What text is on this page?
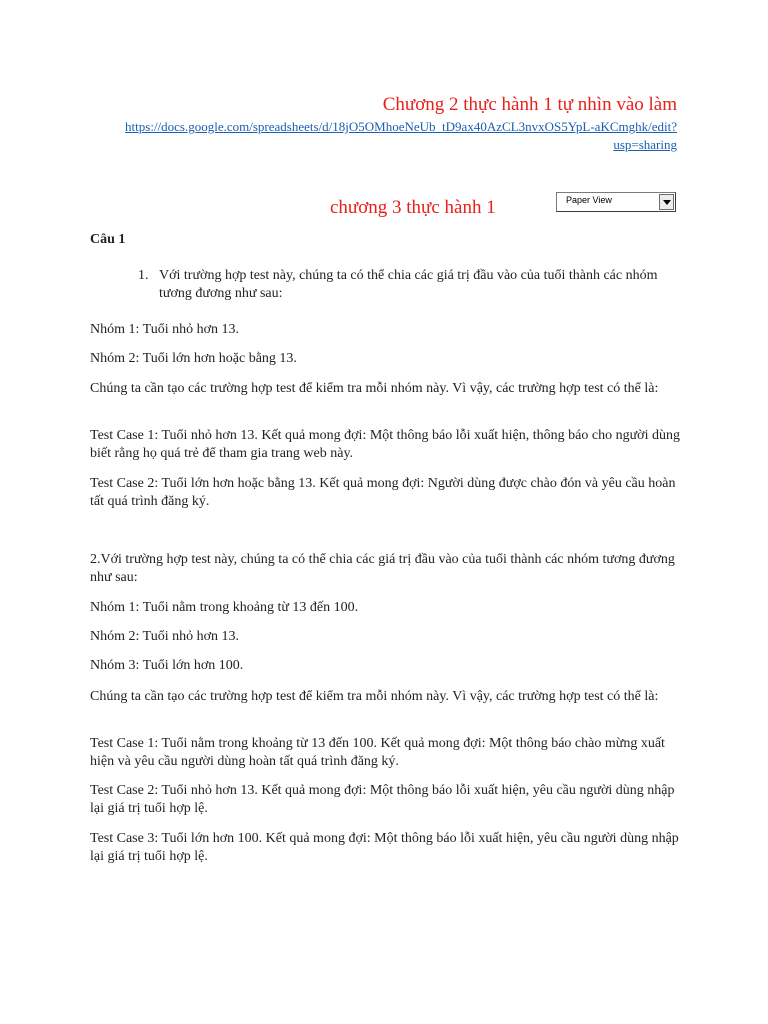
Chương 2 thực hành 1 tự nhìn vào làm
https://docs.google.com/spreadsheets/d/18jO5OMhoeNeUb_tD9ax40AzCL3nvxOS5YpL-aKCmghk/edit?
usp=sharing
chương 3 thực hành 1	Paper View
Câu 1
1. Với trường hợp test này, chúng ta có thể chia các giá trị đầu vào của tuổi thành các nhóm tương đương như sau:

Nhóm 1: Tuổi nhỏ hơn 13.

Nhóm 2: Tuổi lớn hơn hoặc bằng 13.

Chúng ta cần tạo các trường hợp test để kiểm tra mỗi nhóm này. Vì vậy, các trường hợp test có thể là:

Test Case 1: Tuổi nhỏ hơn 13. Kết quả mong đợi: Một thông báo lỗi xuất hiện, thông báo cho người dùng biết rằng họ quá trẻ để tham gia trang web này.

Test Case 2: Tuổi lớn hơn hoặc bằng 13. Kết quả mong đợi: Người dùng được chào đón và yêu cầu hoàn tất quá trình đăng ký.

2.Với trường hợp test này, chúng ta có thể chia các giá trị đầu vào của tuổi thành các nhóm tương đương như sau:

Nhóm 1: Tuổi nằm trong khoảng từ 13 đến 100.

Nhóm 2: Tuổi nhỏ hơn 13.

Nhóm 3: Tuổi lớn hơn 100.

Chúng ta cần tạo các trường hợp test để kiểm tra mỗi nhóm này. Vì vậy, các trường hợp test có thể là:

Test Case 1: Tuổi nằm trong khoảng từ 13 đến 100. Kết quả mong đợi: Một thông báo chào mừng xuất hiện và yêu cầu người dùng hoàn tất quá trình đăng ký.

Test Case 2: Tuổi nhỏ hơn 13. Kết quả mong đợi: Một thông báo lỗi xuất hiện, yêu cầu người dùng nhập lại giá trị tuổi hợp lệ.

Test Case 3: Tuổi lớn hơn 100. Kết quả mong đợi: Một thông báo lỗi xuất hiện, yêu cầu người dùng nhập lại giá trị tuổi hợp lệ.
